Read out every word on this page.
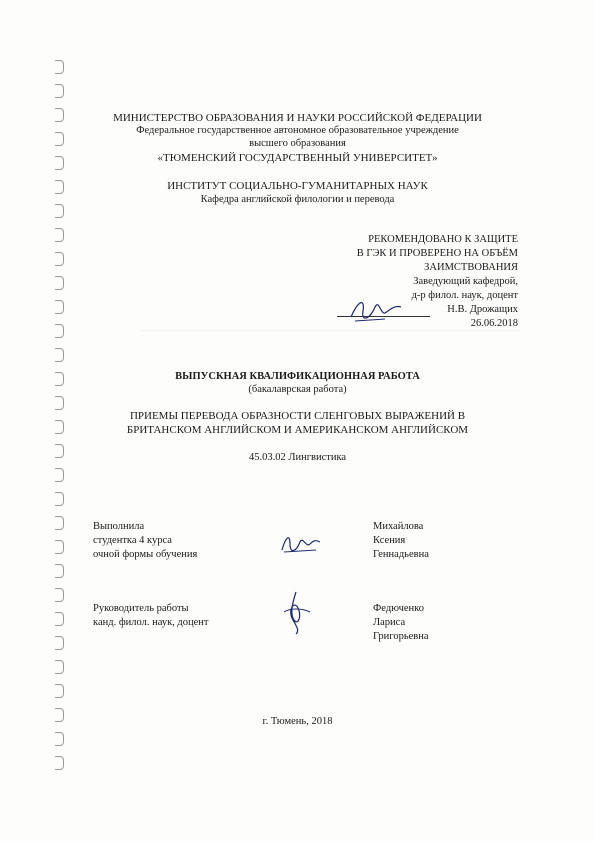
МИНИСТЕРСТВО ОБРАЗОВАНИЯ И НАУКИ РОССИЙСКОЙ ФЕДЕРАЦИИ
Федеральное государственное автономное образовательное учреждение
высшего образования
«ТЮМЕНСКИЙ ГОСУДАРСТВЕННЫЙ УНИВЕРСИТЕТ»
ИНСТИТУТ СОЦИАЛЬНО-ГУМАНИТАРНЫХ НАУК
Кафедра английской филологии и перевода
РЕКОМЕНДОВАНО К ЗАЩИТЕ
В ГЭК И ПРОВЕРЕНО НА ОБЪЁМ
ЗАИМСТВОВАНИЯ
Заведующий кафедрой,
д-р филол. наук, доцент
Н.В. Дрожащих
26.06.2018
ВЫПУСКНАЯ КВАЛИФИКАЦИОННАЯ РАБОТА
(бакалаврская работа)
ПРИЕМЫ ПЕРЕВОДА ОБРАЗНОСТИ СЛЕНГОВЫХ ВЫРАЖЕНИЙ В
БРИТАНСКОМ АНГЛИЙСКОМ И АМЕРИКАНСКОМ АНГЛИЙСКОМ
45.03.02 Лингвистика
Выполнила
студентка 4 курса
очной формы обучения
Михайлова
Ксения
Геннадьевна
Руководитель работы
канд. филол. наук, доцент
Федюченко
Лариса
Григорьевна
г. Тюмень, 2018
